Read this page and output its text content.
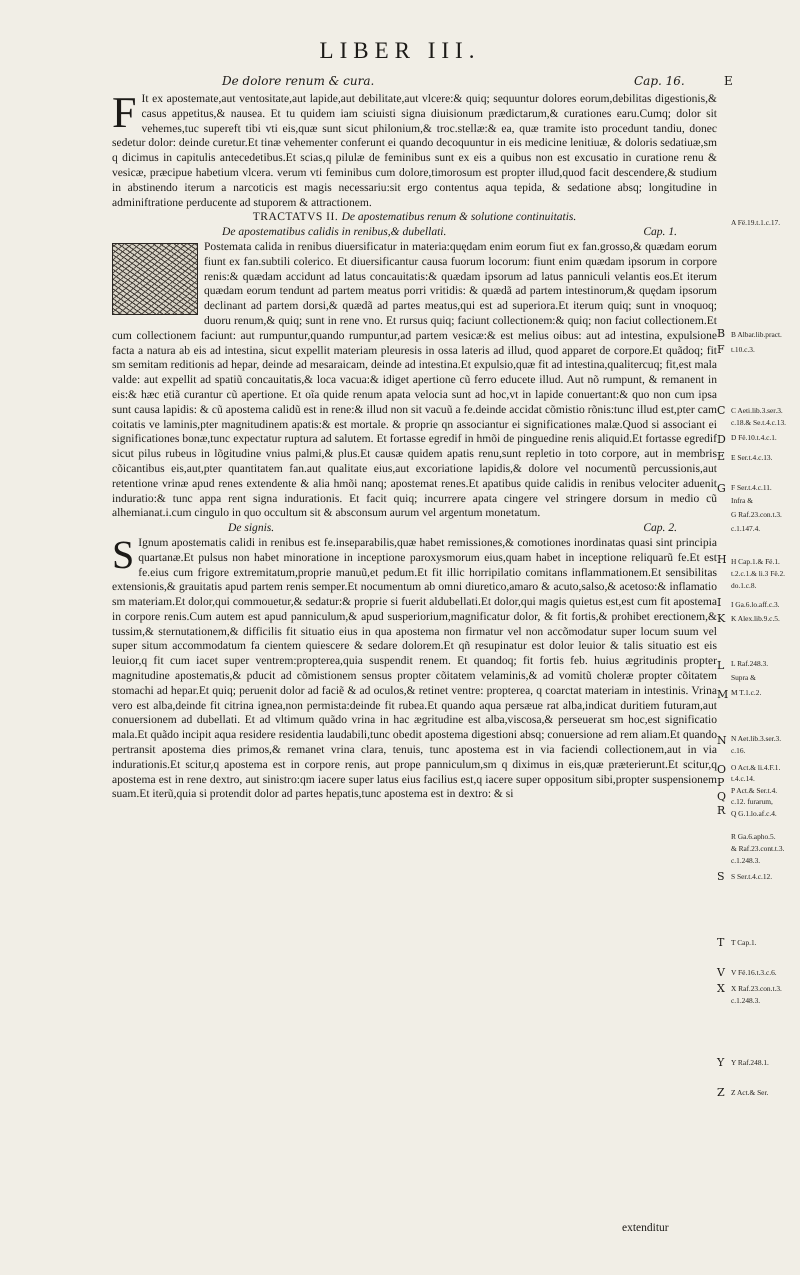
LIBER III.
De dolore renum & cura.	Cap. 16.	E

F It ex apostemate,aut ventositate,aut lapide,aut debilitate,aut vlcere:& quiq; sequuntur dolores eorum,debilitas digestionis,& casus appetitus,& nausea. Et tu quidem iam sciuisti signa diuisionum prædictarum,& curationes earu.Cumq; dolor sit vehemes,tuc supereft tibi vti eis,quæ sunt sicut philonium,& troc.stellæ:& ea, quæ tramite isto procedunt tandiu, donec sedetur dolor: deinde curetur.Et tinæ vehementer conferunt ei quando decoquuntur in eis medicine lenitiuæ, & doloris sedatiuæ,sm q dicimus in capitulis antecedetibus.Et scias,q pilulæ de feminibus sunt ex eis a quibus non est excusatio in curatione renu & vesicæ, præcipue habetium vlcera. verum vti feminibus cum dolore,timorosum est propter illud,quod facit descendere,& studium in abstinendo iterum a narcoticis est magis necessariu:sit ergo contentus aqua tepida, & sedatione absq; longitudine in adminiftratione perducente ad stuporem & attractionem.

TRACTATVS II. De apostematibus renum & solutione continuitatis.
De apostematibus calidis in renibus,& dubellati.	Cap. 1.

Postemata calida in renibus diuersificatur in materia:quędam enim eorum fiut ex fan.grosso,& quædam eorum fiunt ex fan.subtili colerico. Et diuersificantur causa fuorum locorum: fiunt enim quædam ipsorum in corpore renis:& quædam accidunt ad latus concauitatis:& quædam ipsorum ad latus panniculi velantis eos.Et iterum quædam eorum tendunt ad partem meatus porri vritidis: & quædã ad partem intestinorum,& quędam ipsorum declinant ad partem dorsi,& quædã ad partes meatus,qui est ad superiora.Et iterum quiq; sunt in vnoquoq; duoru renum,& quiq; sunt in rene vno. Et rursus quiq; faciunt collectionem:& quiq; non faciut collectionem.Et cum collectionem faciunt: aut rumpuntur,quando rumpuntur,ad partem vesicæ:& est melius oibus: aut ad intestina, expulsione facta a natura ab eis ad intestina, sicut expellit materiam pleuresis in ossa lateris ad illud, quod apparet de corpore.Et quãdoq; fit sm semitam reditionis ad hepar, deinde ad mesaraicam, deinde ad intestina.Et expulsio,quæ fit ad intestina,qualitercuq; fit,est mala valde: aut expellit ad spatiũ concauitatis,& loca vacua:& idiget apertione cũ ferro educete illud. Aut nõ rumpunt, & remanent in eis:& hæc etiã curantur cũ apertione. Et oĩa quide renum apata velocia sunt ad hoc,vt in lapide conuertant:& quo non cum ipsa sunt causa lapidis: & cũ apostema calidũ est in rene:& illud non sit vacuũ a fe.deinde accidat cõmistio rõnis:tunc illud est,pter cam coitatis ve laminis,pter magnitudinem apatis:& est mortale. & proprie qn associantur ei significationes malæ.Quod si associant ei significationes bonæ,tunc expectatur ruptura ad salutem. Et fortasse egredif in hmõi de pinguedine renis aliquid.Et fortasse egredif sicut pilus rubeus in lõgitudine vnius palmi,& plus.Et causæ quidem apatis renu,sunt repletio in toto corpore, aut in membris cõicantibus eis,aut,pter quantitatem fan.aut qualitate eius,aut excoriatione lapidis,& dolore vel nocumentũ percussionis,aut retentione vrinæ apud renes extendente & alia hmõi nanq; apostemat renes.Et apatibus quide calidis in renibus velociter aduenit induratio:& tunc appa rent signa indurationis. Et facit quiq; incurrere apata cingere vel stringere dorsum in medio cũ alhemianat.i.cum cingulo in quo occultum sit & absconsum aurum vel argentum monetatum.

De signis.	Cap. 2.

S Ignum apostematis calidi in renibus est fe.inseparabilis,quæ habet remissiones,& comotiones inordinatas quasi sint principia quartanæ.Et pulsus non habet minoratione in inceptione paroxysmorum eius,quam habet in inceptione reliquarũ fe.Et est fe.eius cum frigore extremitatum,proprie manuũ,et pedum.Et fit illic horripilatio comitans inflammationem.Et sensibilitas extensionis,& grauitatis apud partem renis semper.Et nocumentum ab omni diuretico,amaro & acuto,salso,& acetoso:& inflamatio sm materiam.Et dolor,qui commouetur,& sedatur:& proprie si fuerit aldubellati.Et dolor,qui magis quietus est,est cum fit apostema in corpore renis.Cum autem est apud panniculum,& apud susperiorium,magnificatur dolor, & fit fortis,& prohibet erectionem,& tussim,& sternutationem,& difficilis fit situatio eius in qua apostema non firmatur vel non accõmodatur super locum suum vel super situm accommodatum fa cientem quiescere & sedare dolorem.Et qñ resupinatur est dolor leuior & talis situatio est eis leuior,q fit cum iacet super ventrem:propterea,quia suspendit renem. Et quandoq; fit fortis feb. huius ægritudinis propter magnitudine apostematis,& pducit ad cõmistionem sensus propter cõitatem velaminis,& ad vomitũ choleræ propter cõitatem stomachi ad hepar.Et quiq; peruenit dolor ad faciẽ & ad oculos,& retinet ventre: propterea, q coarctat materiam in intestinis. Vrina vero est alba,deinde fit citrina ignea,non permista:deinde fit rubea.Et quando aqua persæue rat alba,indicat duritiem futuram,aut conuersionem ad dubellati. Et ad vltimum quãdo vrina in hac ægritudine est alba,viscosa,& perseuerat sm hoc,est significatio mala.Et quãdo incipit aqua residere residentia laudabili,tunc obedit apostema digestioni absq; conuersione ad rem aliam.Et quando pertransit apostema dies primos,& remanet vrina clara, tenuis, tunc apostema est in via faciendi collectionem,aut in via indurationis.Et scitur,q apostema est in corpore renis, aut prope panniculum,sm q diximus in eis,quæ præterierunt.Et scitur,q apostema est in rene dextro, aut sinistro:qm iacere super latus eius facilius est,q iacere super oppositum sibi,propter suspensionem suam.Et iterũ,quia si protendit dolor ad partes hepatis,tunc apostema est in dextro: & si

B
F
C
D
E
G
H
I
K
L
M
N
O
P
Q
R
S
T
V
X
Y
Z
A Fë.19.t.1.c.17.
B Albar.lib.pract.
t.10.c.3.
C Aeti.lib.3.ser.3.
c.18.& Se.t.4.c.13.
D Fë.10.t.4.c.1.
E Ser.t.4.c.13.
F Ser.t.4.c.11.
Infra &
G Raf.23.con.t.3.
c.1.147.4.
H Cap.1.& Fë.1.
t.2.c.1.& li.3 Fë.2.
do.1.c.8.
I Ga.6.lo.aff.c.3.
K Alex.lib.9.c.5.
L Raf.248.3.
Supra &
M T.1.c.2.
N Aet.lib.3.ser.3.
c.16.
O Act.& li.4.F.1.
t.4.c.14.
P Act.& Ser.t.4.
c.12. furarum,
Q G.1.lo.af.c.4.
R Ga.6.apho.5.
& Raf.23.cont.t.3.
c.1.248.3.
S Ser.t.4.c.12.
T Cap.1.
V Fë.16.t.3.c.6.
X Raf.23.con.t.3.
c.1.248.3.
Y Raf.248.1.
Z Act.& Ser.
extenditur
